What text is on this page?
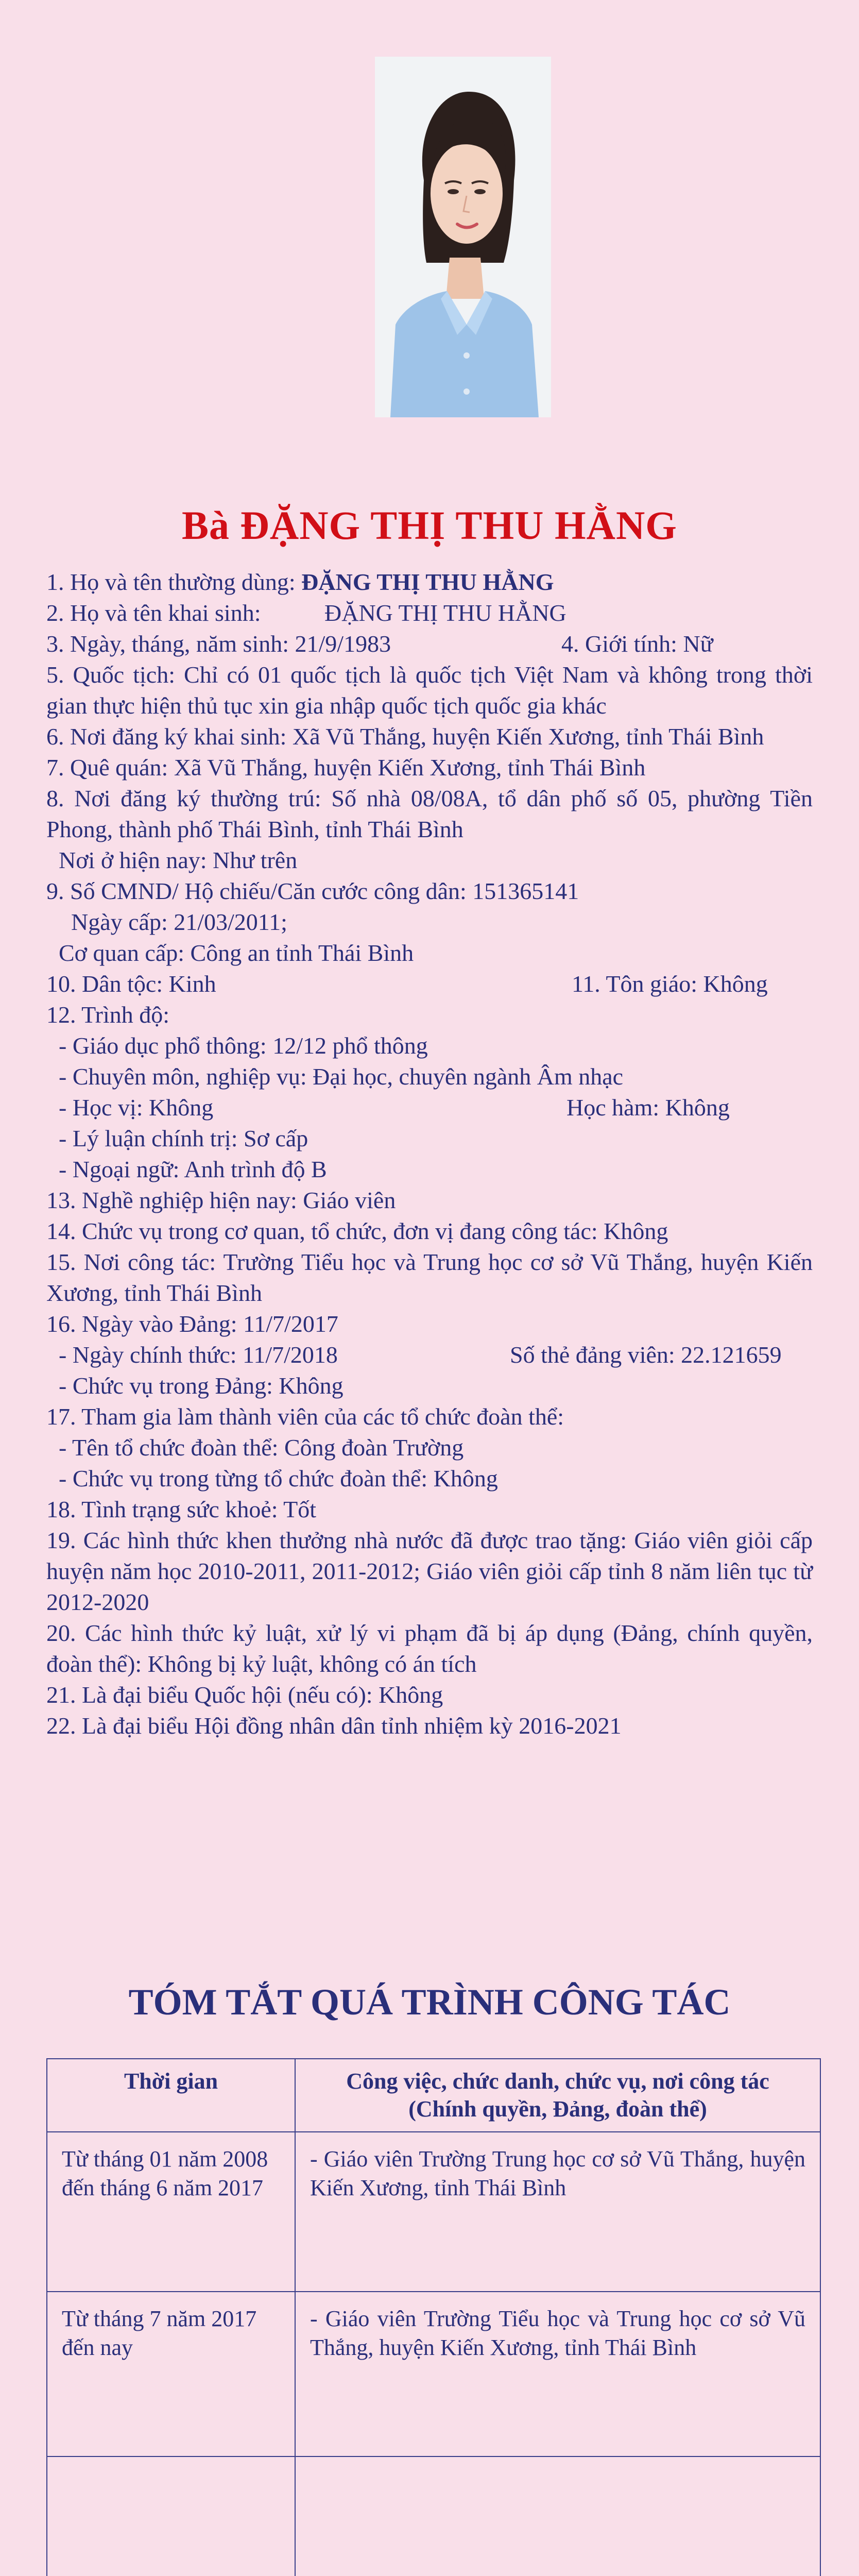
Bà ĐẶNG THỊ THU HẰNG

1. Họ và tên thường dùng: ĐẶNG THỊ THU HẰNG

2. Họ và tên khai sinh:	ĐẶNG THỊ THU HẰNG

3. Ngày, tháng, năm sinh: 21/9/1983	4. Giới tính: Nữ

5. Quốc tịch: Chỉ có 01 quốc tịch là quốc tịch Việt Nam và không trong thời gian thực hiện thủ tục xin gia nhập quốc tịch quốc gia khác

6. Nơi đăng ký khai sinh: Xã Vũ Thắng, huyện Kiến Xương, tỉnh Thái Bình

7. Quê quán: Xã Vũ Thắng, huyện Kiến Xương, tỉnh Thái Bình

8. Nơi đăng ký thường trú: Số nhà 08/08A, tổ dân phố số 05, phường Tiền Phong, thành phố Thái Bình, tỉnh Thái Bình

Nơi ở hiện nay: Như trên

9. Số CMND/ Hộ chiếu/Căn cước công dân: 151365141

Ngày cấp: 21/03/2011;

Cơ quan cấp: Công an tỉnh Thái Bình

10. Dân tộc: Kinh	11. Tôn giáo: Không

12. Trình độ:

- Giáo dục phổ thông: 12/12 phổ thông

- Chuyên môn, nghiệp vụ: Đại học, chuyên ngành Âm nhạc

- Học vị: Không	Học hàm: Không

- Lý luận chính trị: Sơ cấp

- Ngoại ngữ: Anh trình độ B

13. Nghề nghiệp hiện nay: Giáo viên

14. Chức vụ trong cơ quan, tổ chức, đơn vị đang công tác: Không

15. Nơi công tác: Trường Tiểu học và Trung học cơ sở Vũ Thắng, huyện Kiến Xương, tỉnh Thái Bình

16. Ngày vào Đảng: 11/7/2017

- Ngày chính thức: 11/7/2018	Số thẻ đảng viên: 22.121659

- Chức vụ trong Đảng: Không

17. Tham gia làm thành viên của các tổ chức đoàn thể:

- Tên tổ chức đoàn thể: Công đoàn Trường

- Chức vụ trong từng tổ chức đoàn thể: Không

18. Tình trạng sức khoẻ: Tốt

19. Các hình thức khen thưởng nhà nước đã được trao tặng: Giáo viên giỏi cấp huyện năm học 2010-2011, 2011-2012; Giáo viên giỏi cấp tỉnh 8 năm liên tục từ 2012-2020

20. Các hình thức kỷ luật, xử lý vi phạm đã bị áp dụng (Đảng, chính quyền, đoàn thể): Không bị kỷ luật, không có án tích

21. Là đại biểu Quốc hội (nếu có): Không

22. Là đại biểu Hội đồng nhân dân tỉnh nhiệm kỳ 2016-2021

TÓM TẮT QUÁ TRÌNH CÔNG TÁC
Thời gian	Công việc, chức danh, chức vụ, nơi công tác
(Chính quyền, Đảng, đoàn thể)

Từ tháng 01 năm 2008 đến tháng 6 năm 2017	- Giáo viên Trường Trung học cơ sở Vũ Thắng, huyện Kiến Xương, tỉnh Thái Bình
Từ tháng 7 năm 2017 đến nay	- Giáo viên Trường Tiểu học và Trung học cơ sở Vũ Thắng, huyện Kiến Xương, tỉnh Thái Bình
